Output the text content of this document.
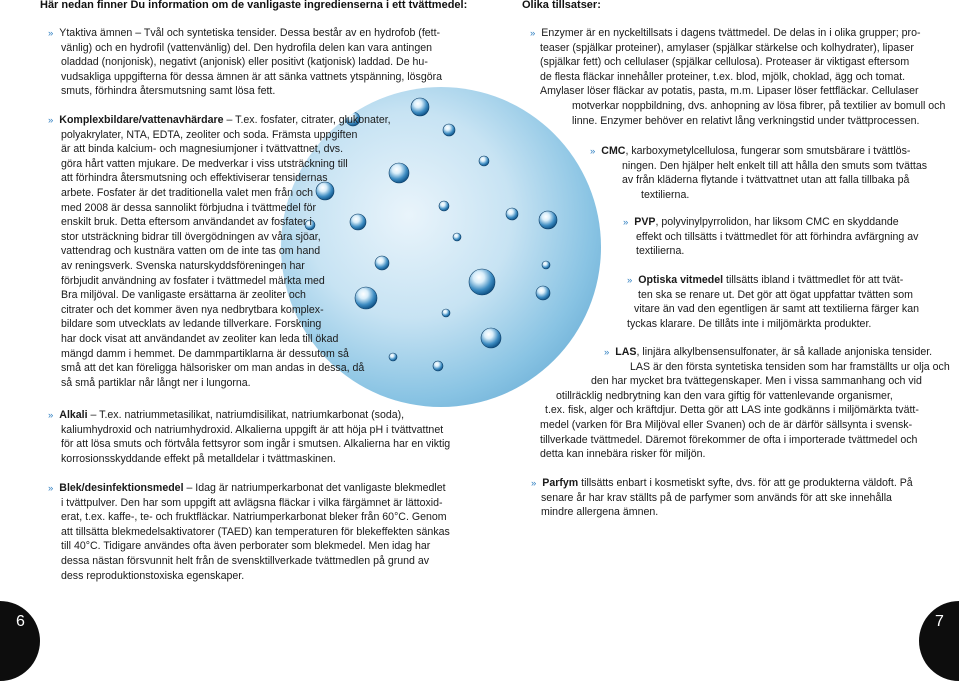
Här nedan finner Du information om de vanligaste ingredienserna i ett tvättmedel:	Olika tillsatser:
» Ytaktiva ämnen – Tvål och syntetiska tensider. Dessa består av en hydrofob (fett-
vänlig) och en hydrofil (vattenvänlig) del. Den hydrofila delen kan vara antingen
oladdad (nonjonisk), negativt (anjonisk) eller positivt (katjonisk) laddad. De hu-
vudsakliga uppgifterna för dessa ämnen är att sänka vattnets ytspänning, lösgöra
smuts, förhindra återsmutsning samt lösa fett.
» Komplexbildare/vattenavhärdare – T.ex. fosfater, citrater, glukonater,
polyakrylater, NTA, EDTA, zeoliter och soda. Främsta uppgiften
är att binda kalcium- och magnesiumjoner i tvättvattnet, dvs.
göra hårt vatten mjukare. De medverkar i viss utsträckning till
att förhindra återsmutsning och effektiviserar tensidernas
arbete. Fosfater är det traditionella valet men från och
med 2008 är dessa sannolikt förbjudna i tvättmedel för
enskilt bruk. Detta eftersom användandet av fosfater i
stor utsträckning bidrar till övergödningen av våra sjöar,
vattendrag och kustnära vatten om de inte tas om hand
av reningsverk. Svenska naturskyddsföreningen har
förbjudit användning av fosfater i tvättmedel märkta med
Bra miljöval. De vanligaste ersättarna är zeoliter och
citrater och det kommer även nya nedbrytbara komplex-
bildare som utvecklats av ledande tillverkare. Forskning
har dock visat att användandet av zeoliter kan leda till ökad
mängd damm i hemmet. De dammpartiklarna är dessutom så
små att det kan föreligga hälsorisker om man andas in dessa, då
så små partiklar når långt ner i lungorna.
» Alkali – T.ex. natriummetasilikat, natriumdisilikat, natriumkarbonat (soda),
kaliumhydroxid och natriumhydroxid. Alkalierna uppgift är att höja pH i tvättvattnet
för att lösa smuts och förtvåla fettsyror som ingår i smutsen. Alkalierna har en viktig
korrosionsskyddande effekt på metalldelar i tvättmaskinen.
» Blek/desinfektionsmedel – Idag är natriumperkarbonat det vanligaste blekmedlet
i tvättpulver. Den har som uppgift att avlägsna fläckar i vilka färgämnet är lättoxid-
erat, t.ex. kaffe-, te- och fruktfläckar. Natriumperkarbonat bleker från 60°C. Genom
att tillsätta blekmedelsaktivatorer (TAED) kan temperaturen för blekeffekten sänkas
till 40°C. Tidigare användes ofta även perborater som blekmedel. Men idag har
dessa nästan försvunnit helt från de svensktillverkade tvättmedlen på grund av
dess reproduktionstoxiska egenskaper.
» Enzymer är en nyckeltillsats i dagens tvättmedel. De delas in i olika grupper; pro-
teaser (spjälkar proteiner), amylaser (spjälkar stärkelse och kolhydrater), lipaser
(spjälkar fett) och cellulaser (spjälkar cellulosa). Proteaser är viktigast eftersom
de flesta fläckar innehåller proteiner, t.ex. blod, mjölk, choklad, ägg och tomat.
Amylaser löser fläckar av potatis, pasta, m.m. Lipaser löser fettfläckar. Cellulaser
motverkar noppbildning, dvs. anhopning av lösa fibrer, på textilier av bomull och
linne. Enzymer behöver en relativt lång verkningstid under tvättprocessen.
» CMC, karboxymetylcellulosa, fungerar som smutsbärare i tvättlös-
ningen. Den hjälper helt enkelt till att hålla den smuts som tvättas
av från kläderna flytande i tvättvattnet utan att falla tillbaka på
textilierna.
» PVP, polyvinylpyrrolidon, har liksom CMC en skyddande
effekt och tillsätts i tvättmedlet för att förhindra avfärgning av
textilierna.
» Optiska vitmedel tillsätts ibland i tvättmedlet för att tvät-
ten ska se renare ut. Det gör att ögat uppfattar tvätten som
vitare än vad den egentligen är samt att textilierna färger kan
tyckas klarare. De tillåts inte i miljömärkta produkter.
» LAS, linjära alkylbensensulfonater, är så kallade anjoniska tensider.
LAS är den första syntetiska tensiden som har framställts ur olja och
den har mycket bra tvättegenskaper. Men i vissa sammanhang och vid
otillräcklig nedbrytning kan den vara giftig för vattenlevande organismer,
t.ex. fisk, alger och kräftdjur. Detta gör att LAS inte godkänns i miljömärkta tvätt-
medel (varken för Bra Miljöval eller Svanen) och de är därför sällsynta i svensk-
tillverkade tvättmedel. Däremot förekommer de ofta i importerade tvättmedel och
detta kan innebära risker för miljön.
» Parfym tillsätts enbart i kosmetiskt syfte, dvs. för att ge produkterna väldoft. På
senare år har krav ställts på de parfymer som används för att ske innehålla
mindre allergena ämnen.
6	7
